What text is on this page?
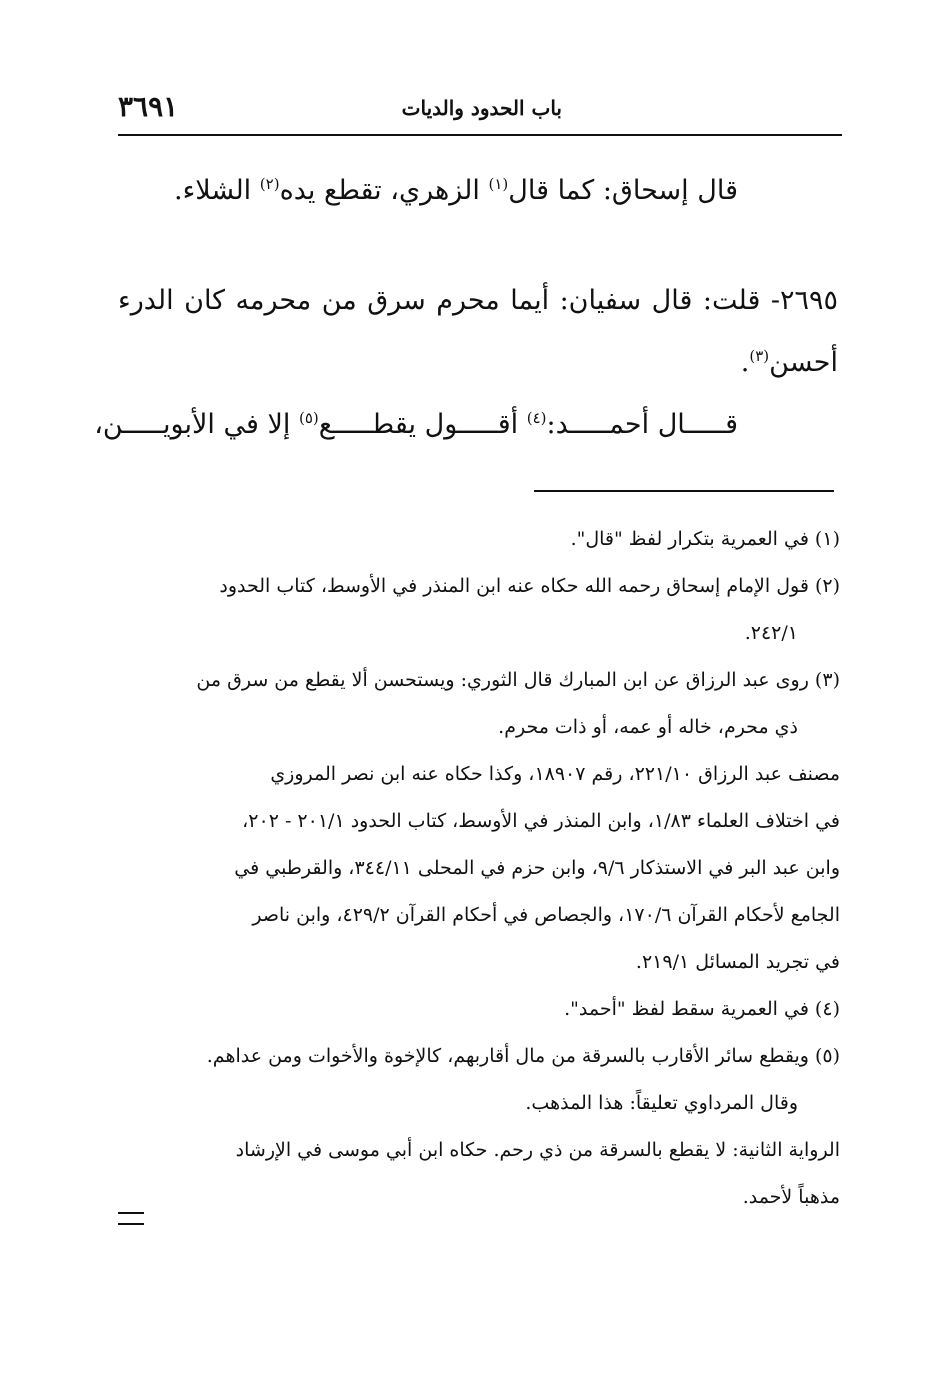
باب الحدود والديات
٣٦٩١

قال إسحاق: كما قال$^{(١)}$ الزهري، تقطع يده$^{(٢)}$ الشلاء.

٢٦٩٥- قلت: قال سفيان: أيما محرم سرق من محرمه كان الدرء

أحسن$^{(٣)}$.

قـــــال أحمـــــد:$^{(٤)}$ أقـــــول يقطـــــع$^{(٥)}$ إلا في الأبويـــــن،

(١) في العمرية بتكرار لفظ "قال".

(٢) قول الإمام إسحاق رحمه الله حكاه عنه ابن المنذر في الأوسط، كتاب الحدود

٢٤٢/١.

(٣) روى عبد الرزاق عن ابن المبارك قال الثوري: ويستحسن ألا يقطع من سرق من

ذي محرم، خاله أو عمه، أو ذات محرم.

مصنف عبد الرزاق ٢٢١/١٠، رقم ١٨٩٠٧، وكذا حكاه عنه ابن نصر المروزي

في اختلاف العلماء ١/٨٣، وابن المنذر في الأوسط، كتاب الحدود ٢٠١/١ - ٢٠٢،

وابن عبد البر في الاستذكار ٩/٦، وابن حزم في المحلى ٣٤٤/١١، والقرطبي في

الجامع لأحكام القرآن ١٧٠/٦، والجصاص في أحكام القرآن ٤٢٩/٢، وابن ناصر

في تجريد المسائل ٢١٩/١.

(٤) في العمرية سقط لفظ "أحمد".

(٥) ويقطع سائر الأقارب بالسرقة من مال أقاربهم، كالإخوة والأخوات ومن عداهم.

وقال المرداوي تعليقاً: هذا المذهب.

الرواية الثانية: لا يقطع بالسرقة من ذي رحم. حكاه ابن أبي موسى في الإرشاد

مذهباً لأحمد.
